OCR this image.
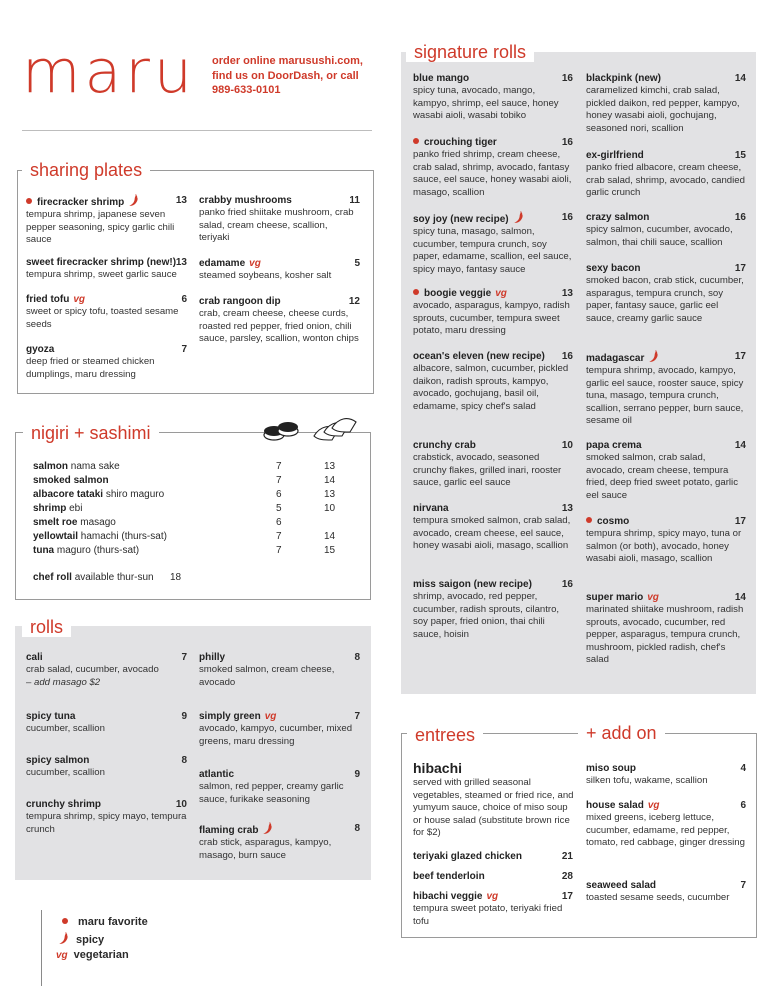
maru order online marusushi.com,
find us on DoorDash, or call
989-633-0101
sharing plates
firecracker shrimp	13
tempura shrimp, japanese seven pepper seasoning, spicy garlic chili sauce
sweet firecracker shrimp (new!) 13
tempura shrimp, sweet garlic sauce
fried tofu vg	6
sweet or spicy tofu, toasted sesame seeds
gyoza	7
deep fried or steamed chicken dumplings, maru dressing
crabby mushrooms	11
panko fried shiitake mushroom, crab salad, cream cheese, scallion, teriyaki
edamame vg	5
steamed soybeans, kosher salt
crab rangoon dip	12
crab, cream cheese, cheese curds, roasted red pepper, fried onion, chili sauce, parsley, scallion, wonton chips
nigiri + sashimi
salmon nama sake	7	13
smoked salmon	7	14
albacore tataki shiro maguro	6	13
shrimp ebi	5	10
smelt roe masago	6
yellowtail hamachi (thurs-sat)	7	14
tuna maguro (thurs-sat)	7	15
chef roll available thur-sun 18
rolls
cali	7
crab salad, cucumber, avocado
– add masago $2
spicy tuna	9
cucumber, scallion
spicy salmon	8
cucumber, scallion
crunchy shrimp	10
tempura shrimp, spicy mayo, tempura crunch
philly	8
smoked salmon, cream cheese, avocado
simply green vg	7
avocado, kampyo, cucumber, mixed greens, maru dressing
atlantic	9
salmon, red pepper, creamy garlic sauce, furikake seasoning
flaming crab	8
crab stick, asparagus, kampyo, masago, burn sauce
maru favorite
spicy
vg vegetarian
signature rolls
blue mango	16
spicy tuna, avocado, mango, kampyo, shrimp, eel sauce, honey wasabi aioli, wasabi tobiko
crouching tiger	16
panko fried shrimp, cream cheese, crab salad, shrimp, avocado, fantasy sauce, eel sauce, honey wasabi aioli, masago, scallion
soy joy (new recipe)	16
spicy tuna, masago, salmon, cucumber, tempura crunch, soy paper, edamame, scallion, eel sauce, spicy mayo, fantasy sauce
boogie veggie vg	13
avocado, asparagus, kampyo, radish sprouts, cucumber, tempura sweet potato, maru dressing
ocean's eleven (new recipe)	16
albacore, salmon, cucumber, pickled daikon, radish sprouts, kampyo, avocado, gochujang, basil oil, edamame, spicy chef's salad
crunchy crab	10
crabstick, avocado, seasoned crunchy flakes, grilled inari, rooster sauce, garlic eel sauce
nirvana	13
tempura smoked salmon, crab salad, avocado, cream cheese, eel sauce, honey wasabi aioli, masago, scallion
miss saigon (new recipe)	16
shrimp, avocado, red pepper, cucumber, radish sprouts, cilantro, soy paper, fried onion, thai chili sauce, hoisin
blackpink (new)	14
caramelized kimchi, crab salad, pickled daikon, red pepper, kampyo, honey wasabi aioli, gochujang, seasoned nori, scallion
ex-girlfriend	15
panko fried albacore, cream cheese, crab salad, shrimp, avocado, candied garlic crunch
crazy salmon	16
spicy salmon, cucumber, avocado, salmon, thai chili sauce, scallion
sexy bacon	17
smoked bacon, crab stick, cucumber, asparagus, tempura crunch, soy paper, fantasy sauce, garlic eel sauce, creamy garlic sauce
madagascar	17
tempura shrimp, avocado, kampyo, garlic eel sauce, rooster sauce, spicy tuna, masago, tempura crunch, scallion, serrano pepper, burn sauce, sesame oil
papa crema	14
smoked salmon, crab salad, avocado, cream cheese, tempura fried, deep fried sweet potato, garlic eel sauce
cosmo	17
tempura shrimp, spicy mayo, tuna or salmon (or both), avocado, honey wasabi aioli, masago, scallion
super mario vg	14
marinated shiitake mushroom, radish sprouts, avocado, cucumber, red pepper, asparagus, tempura crunch, mushroom, pickled radish, chef's salad
entrees	+ add on
hibachi
served with grilled seasonal vegetables, steamed or fried rice, and yumyum sauce, choice of miso soup or house salad (substitute brown rice for $2)
teriyaki glazed chicken	21
beef tenderloin	28
hibachi veggie vg	17
tempura sweet potato, teriyaki fried tofu
miso soup	4
silken tofu, wakame, scallion
house salad vg	6
mixed greens, iceberg lettuce, cucumber, edamame, red pepper, tomato, red cabbage, ginger dressing
seaweed salad	7
toasted sesame seeds, cucumber
